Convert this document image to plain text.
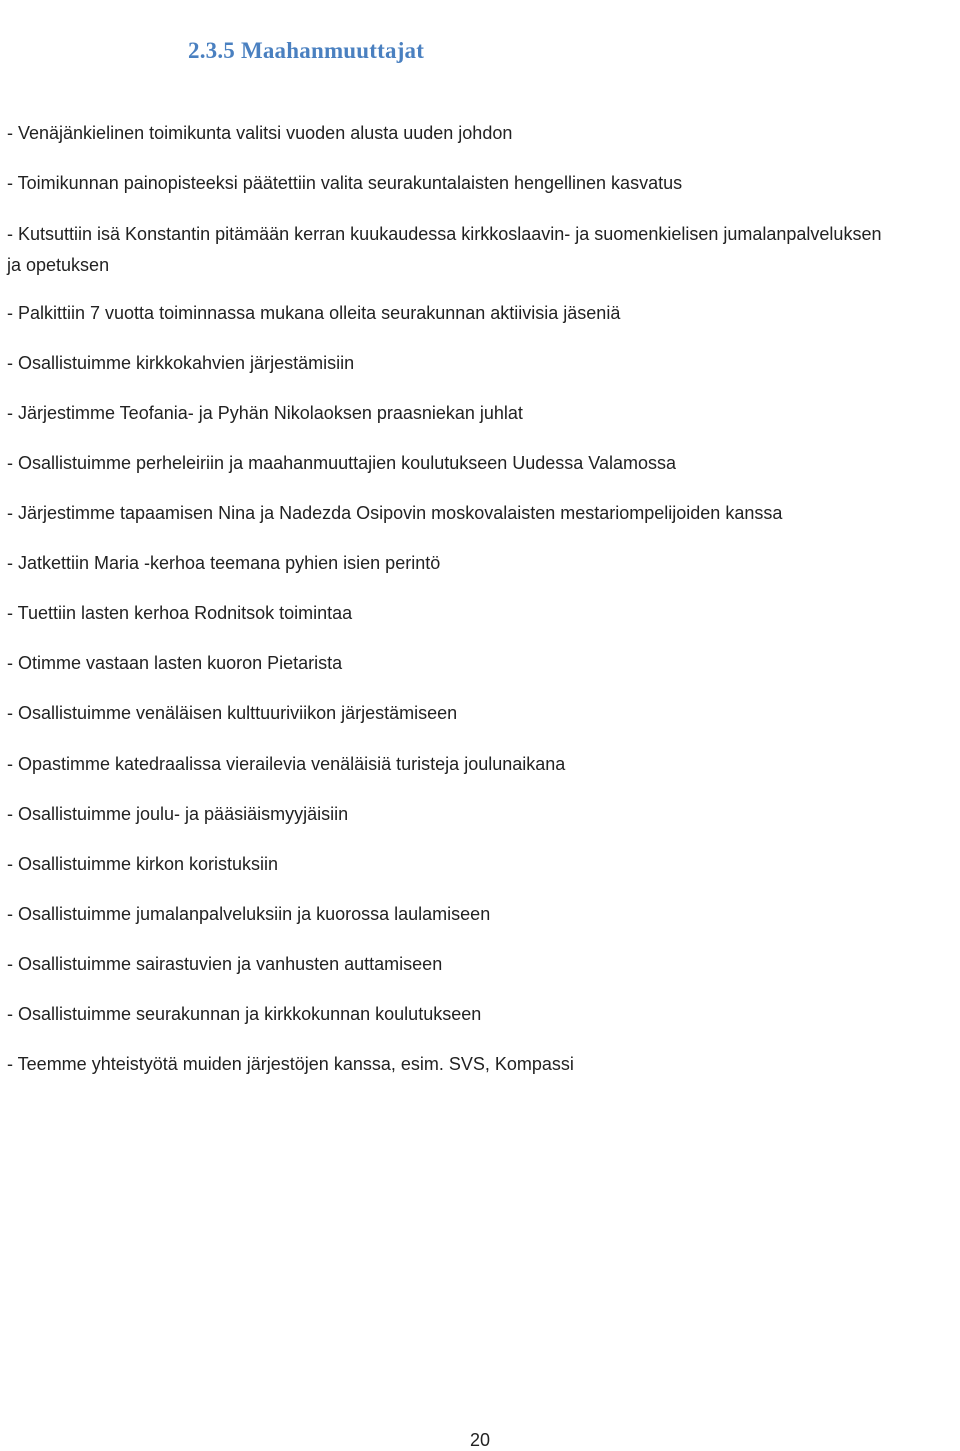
2.3.5 Maahanmuuttajat

- Venäjänkielinen toimikunta valitsi vuoden alusta uuden johdon

- Toimikunnan painopisteeksi päätettiin valita seurakuntalaisten hengellinen kasvatus

- Kutsuttiin isä Konstantin pitämään kerran kuukaudessa kirkkoslaavin- ja suomenkielisen jumalanpalveluksen ja opetuksen

- Palkittiin 7 vuotta toiminnassa mukana olleita seurakunnan aktiivisia jäseniä

- Osallistuimme kirkkokahvien järjestämisiin

- Järjestimme Teofania- ja Pyhän Nikolaoksen praasniekan juhlat

- Osallistuimme perheleiriin ja maahanmuuttajien koulutukseen Uudessa Valamossa

- Järjestimme tapaamisen Nina ja Nadezda Osipovin moskovalaisten mestariompelijoiden kanssa

- Jatkettiin Maria -kerhoa teemana pyhien isien perintö

- Tuettiin lasten kerhoa Rodnitsok toimintaa

- Otimme vastaan lasten kuoron Pietarista

- Osallistuimme venäläisen kulttuuriviikon järjestämiseen

- Opastimme katedraalissa vierailevia venäläisiä turisteja joulunaikana

- Osallistuimme joulu- ja pääsiäismyyjäisiin

- Osallistuimme kirkon koristuksiin

- Osallistuimme jumalanpalveluksiin ja kuorossa laulamiseen

- Osallistuimme sairastuvien ja vanhusten auttamiseen

- Osallistuimme seurakunnan ja kirkkokunnan koulutukseen

- Teemme yhteistyötä muiden järjestöjen kanssa, esim. SVS, Kompassi

20
